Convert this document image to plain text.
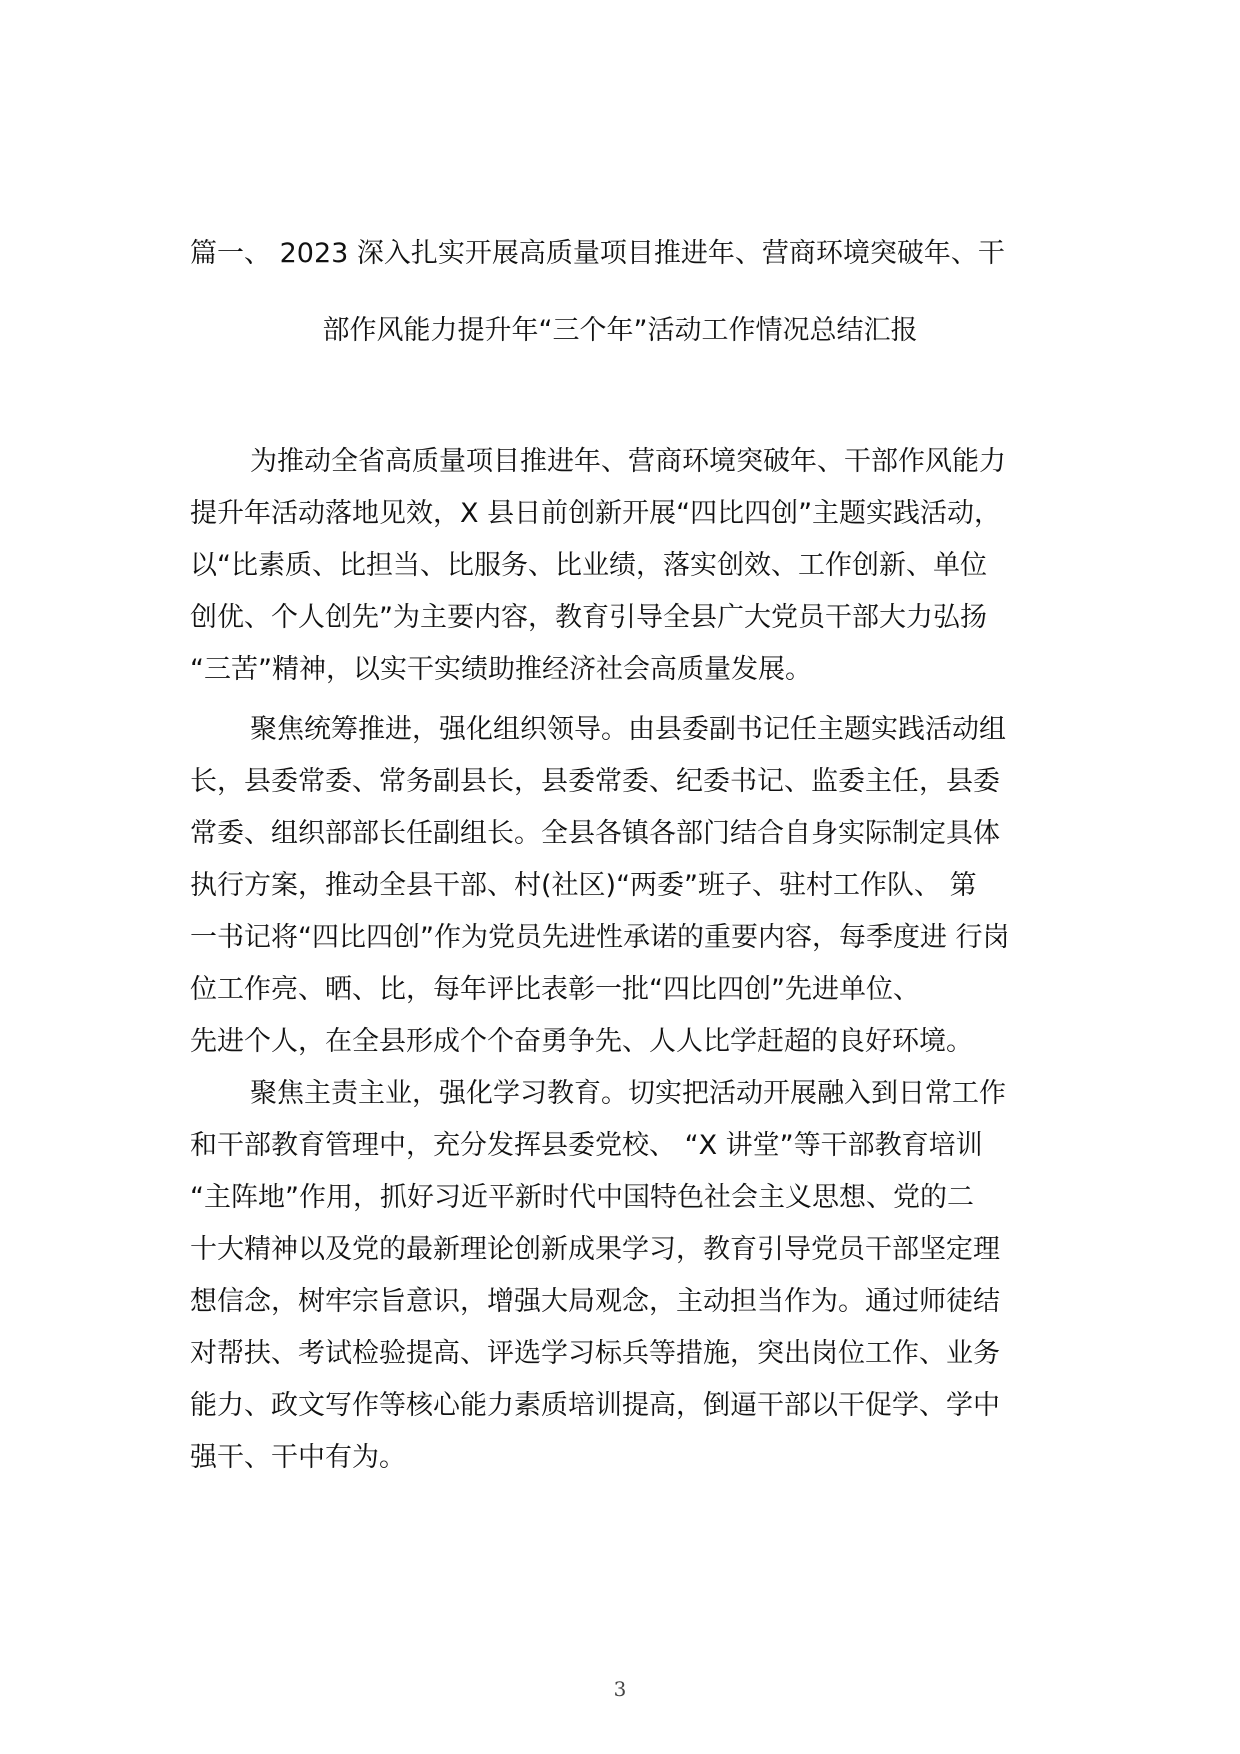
篇一、 2023 深入扎实开展高质量项目推进年、营商环境突破年、干
部作风能力提升年“三个年”活动工作情况总结汇报
为推动全省高质量项目推进年、营商环境突破年、干部作风能力
提升年活动落地见效，X 县日前创新开展“四比四创”主题实践活动，
以“比素质、比担当、比服务、比业绩，落实创效、工作创新、单位
创优、个人创先”为主要内容，教育引导全县广大党员干部大力弘扬
“三苦”精神，以实干实绩助推经济社会高质量发展。
聚焦统筹推进，强化组织领导。由县委副书记任主题实践活动组
长，县委常委、常务副县长，县委常委、纪委书记、监委主任，县委
常委、组织部部长任副组长。全县各镇各部门结合自身实际制定具体
执行方案，推动全县干部、村(社区)“两委”班子、驻村工作队、 第
一书记将“四比四创”作为党员先进性承诺的重要内容，每季度进 行岗
位工作亮、晒、比，每年评比表彰一批“四比四创”先进单位、
先进个人，在全县形成个个奋勇争先、人人比学赶超的良好环境。
聚焦主责主业，强化学习教育。切实把活动开展融入到日常工作
和干部教育管理中，充分发挥县委党校、 “X 讲堂”等干部教育培训
“主阵地”作用，抓好习近平新时代中国特色社会主义思想、党的二
十大精神以及党的最新理论创新成果学习，教育引导党员干部坚定理
想信念，树牢宗旨意识，增强大局观念，主动担当作为。通过师徒结
对帮扶、考试检验提高、评选学习标兵等措施，突出岗位工作、业务
能力、政文写作等核心能力素质培训提高，倒逼干部以干促学、学中
强干、干中有为。
3
